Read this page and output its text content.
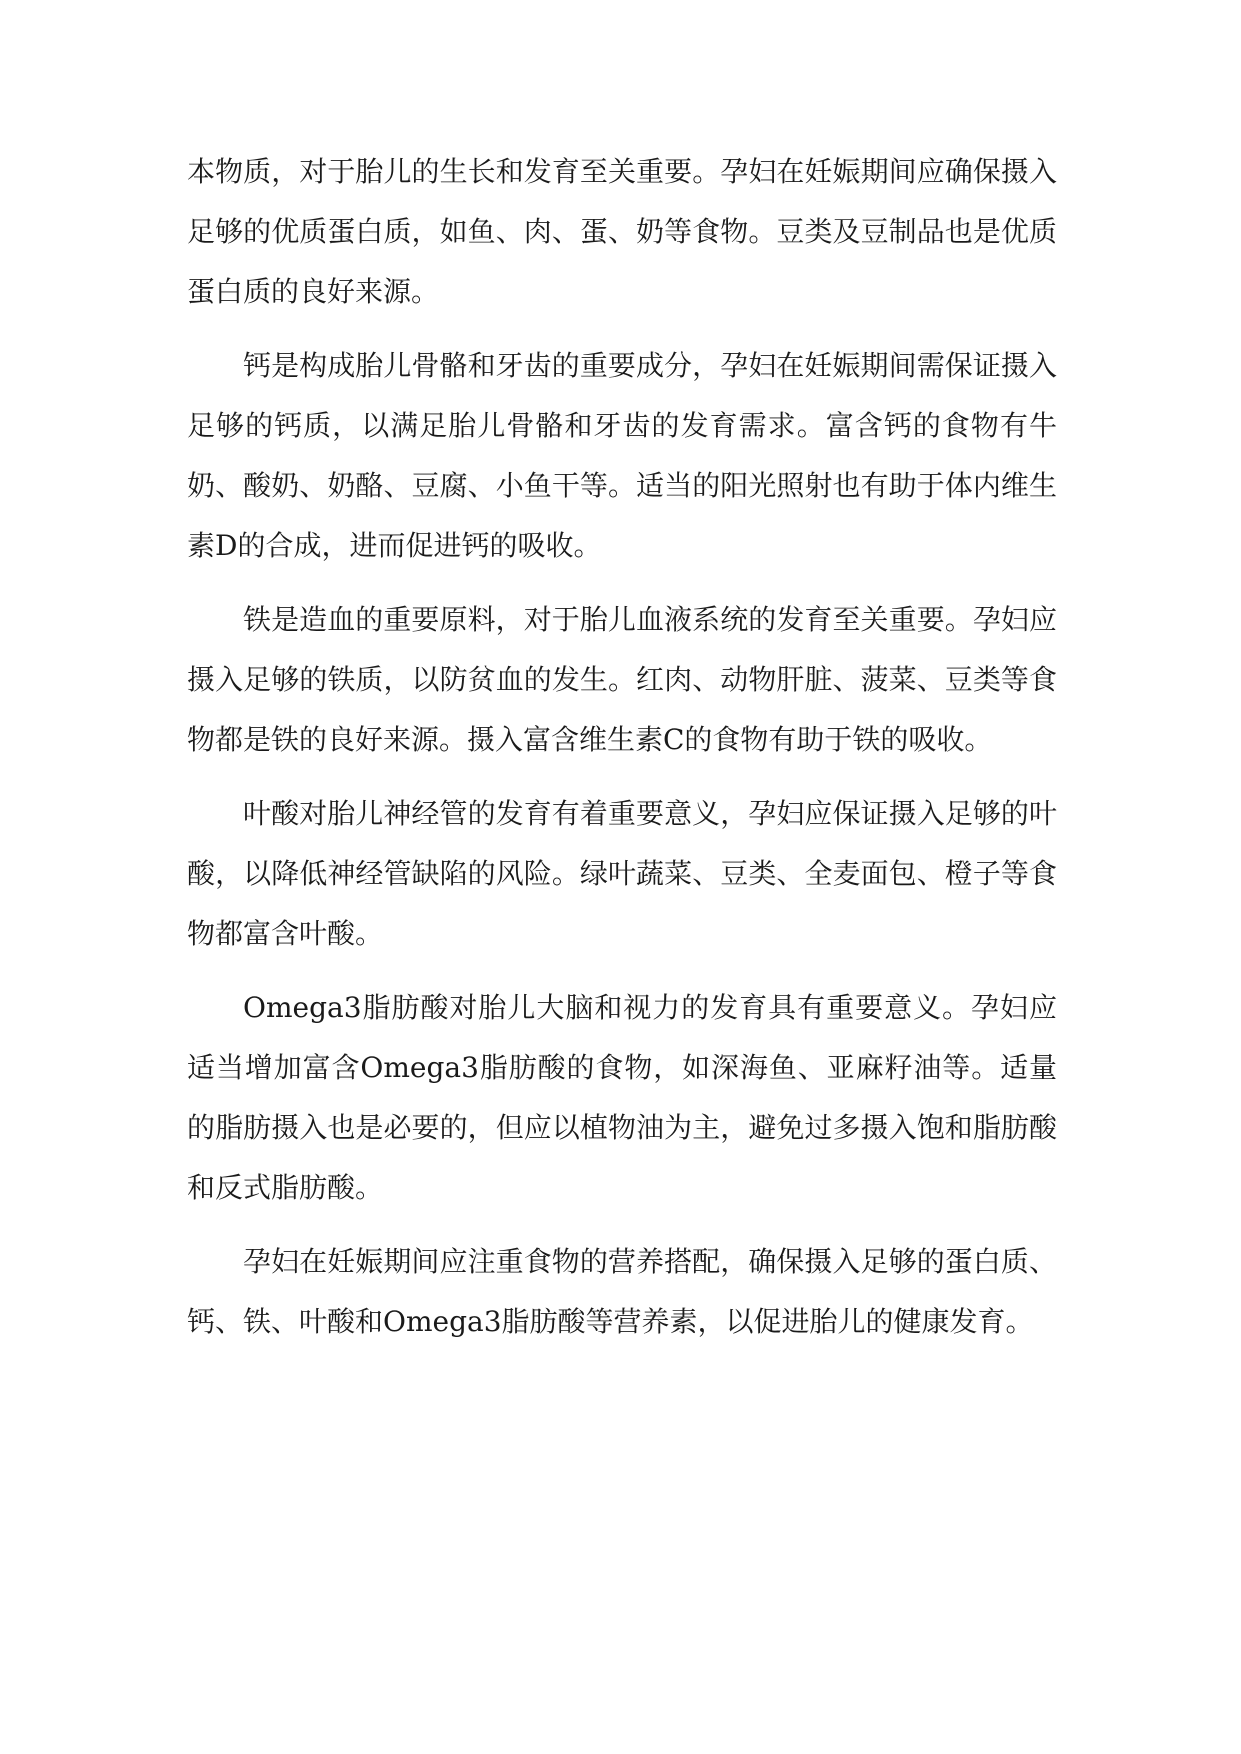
本物质，对于胎儿的生长和发育至关重要。孕妇在妊娠期间应确保摄入足够的优质蛋白质，如鱼、肉、蛋、奶等食物。豆类及豆制品也是优质蛋白质的良好来源。

钙是构成胎儿骨骼和牙齿的重要成分，孕妇在妊娠期间需保证摄入足够的钙质，以满足胎儿骨骼和牙齿的发育需求。富含钙的食物有牛奶、酸奶、奶酪、豆腐、小鱼干等。适当的阳光照射也有助于体内维生素D的合成，进而促进钙的吸收。

铁是造血的重要原料，对于胎儿血液系统的发育至关重要。孕妇应摄入足够的铁质，以防贫血的发生。红肉、动物肝脏、菠菜、豆类等食物都是铁的良好来源。摄入富含维生素C的食物有助于铁的吸收。

叶酸对胎儿神经管的发育有着重要意义，孕妇应保证摄入足够的叶酸，以降低神经管缺陷的风险。绿叶蔬菜、豆类、全麦面包、橙子等食物都富含叶酸。

Omega3脂肪酸对胎儿大脑和视力的发育具有重要意义。孕妇应适当增加富含Omega3脂肪酸的食物，如深海鱼、亚麻籽油等。适量的脂肪摄入也是必要的，但应以植物油为主，避免过多摄入饱和脂肪酸和反式脂肪酸。

孕妇在妊娠期间应注重食物的营养搭配，确保摄入足够的蛋白质、钙、铁、叶酸和Omega3脂肪酸等营养素，以促进胎儿的健康发育。
